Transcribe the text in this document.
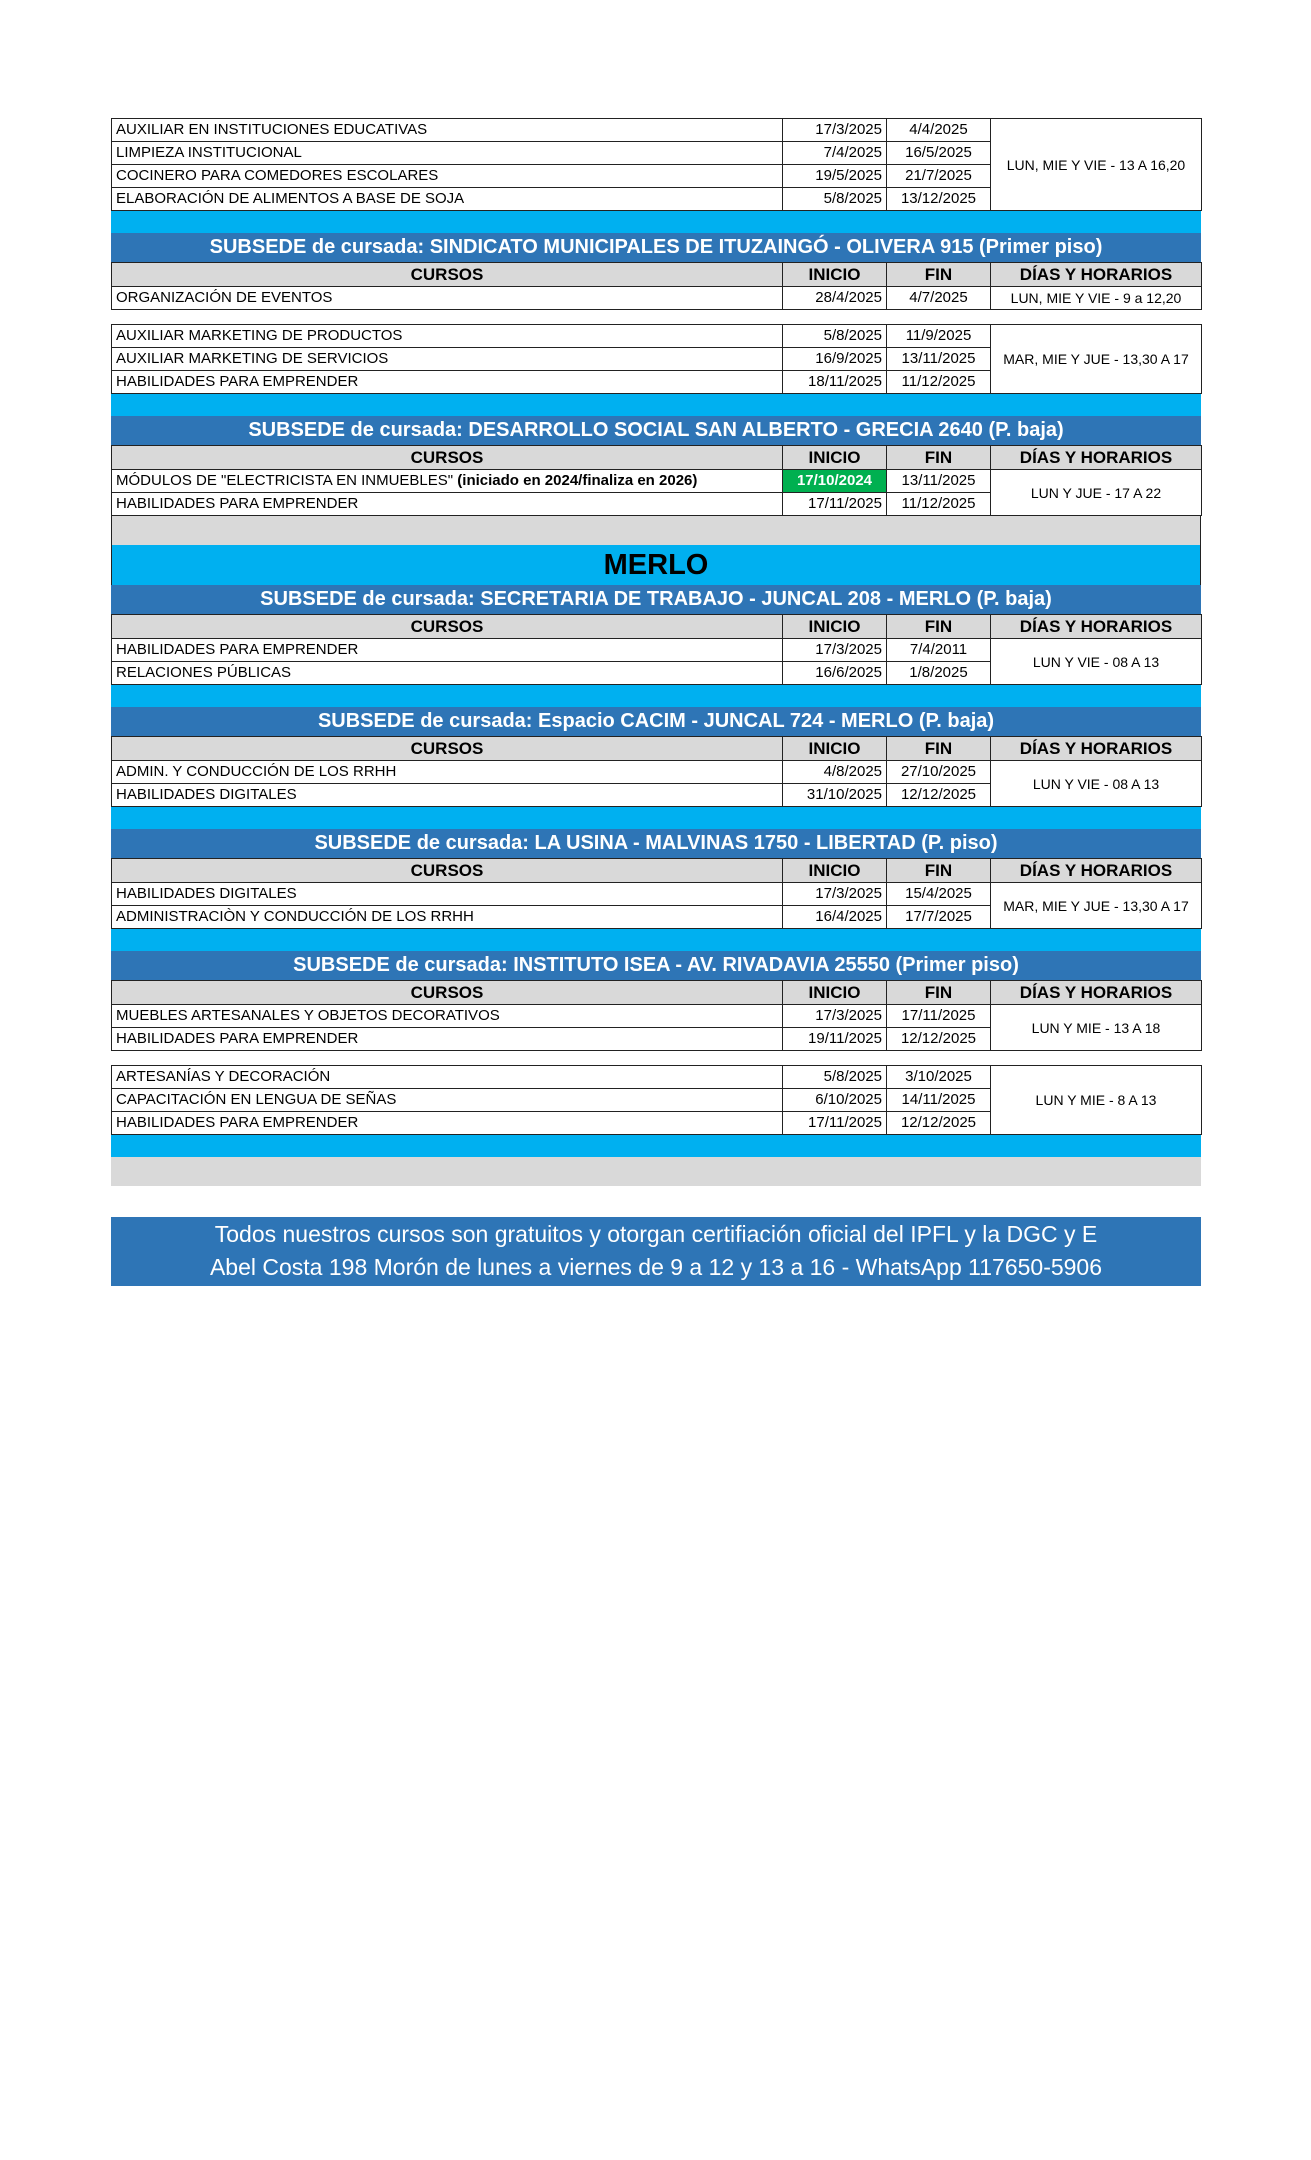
AUXILIAR EN INSTITUCIONES EDUCATIVAS	17/3/2025	4/4/2025	LUN, MIE Y VIE - 13 A 16,20
LIMPIEZA INSTITUCIONAL	7/4/2025	16/5/2025	
COCINERO PARA COMEDORES ESCOLARES	19/5/2025	21/7/2025	
ELABORACIÓN DE ALIMENTOS A BASE DE SOJA	5/8/2025	13/12/2025	
SUBSEDE de cursada: SINDICATO MUNICIPALES DE ITUZAINGÓ - OLIVERA 915 (Primer piso)
CURSOS	INICIO	FIN	DÍAS Y HORARIOS
ORGANIZACIÓN DE EVENTOS	28/4/2025	4/7/2025	LUN, MIE Y VIE - 9 a 12,20
AUXILIAR MARKETING DE PRODUCTOS	5/8/2025	11/9/2025	MAR, MIE Y JUE - 13,30 A 17
AUXILIAR MARKETING DE SERVICIOS	16/9/2025	13/11/2025	
HABILIDADES PARA EMPRENDER	18/11/2025	11/12/2025	
SUBSEDE de cursada: DESARROLLO SOCIAL SAN ALBERTO - GRECIA 2640 (P. baja)
CURSOS	INICIO	FIN	DÍAS Y HORARIOS
MÓDULOS DE "ELECTRICISTA EN INMUEBLES" (iniciado en 2024/finaliza en 2026)	17/10/2024	13/11/2025	LUN Y JUE - 17 A 22
HABILIDADES PARA EMPRENDER	17/11/2025	11/12/2025	
MERLO
SUBSEDE de cursada: SECRETARIA DE TRABAJO - JUNCAL 208 - MERLO (P. baja)
CURSOS	INICIO	FIN	DÍAS Y HORARIOS
HABILIDADES PARA EMPRENDER	17/3/2025	7/4/2011	LUN Y VIE - 08 A 13
RELACIONES PÚBLICAS	16/6/2025	1/8/2025	
SUBSEDE de cursada: Espacio CACIM - JUNCAL 724 - MERLO (P. baja)
CURSOS	INICIO	FIN	DÍAS Y HORARIOS
ADMIN. Y CONDUCCIÓN DE LOS RRHH	4/8/2025	27/10/2025	LUN Y VIE - 08 A 13
HABILIDADES DIGITALES	31/10/2025	12/12/2025	
SUBSEDE de cursada: LA USINA - MALVINAS 1750 - LIBERTAD (P. piso)
CURSOS	INICIO	FIN	DÍAS Y HORARIOS
HABILIDADES DIGITALES	17/3/2025	15/4/2025	MAR, MIE Y JUE - 13,30 A 17
ADMINISTRACIÒN Y CONDUCCIÓN DE LOS RRHH	16/4/2025	17/7/2025	
SUBSEDE de cursada: INSTITUTO ISEA - AV. RIVADAVIA 25550 (Primer piso)
CURSOS	INICIO	FIN	DÍAS Y HORARIOS
MUEBLES ARTESANALES Y OBJETOS DECORATIVOS	17/3/2025	17/11/2025	LUN Y MIE - 13 A 18
HABILIDADES PARA EMPRENDER	19/11/2025	12/12/2025	
ARTESANÍAS Y DECORACIÓN	5/8/2025	3/10/2025	LUN Y MIE - 8 A 13
CAPACITACIÓN EN LENGUA DE SEÑAS	6/10/2025	14/11/2025	
HABILIDADES PARA EMPRENDER	17/11/2025	12/12/2025	
Todos nuestros cursos son gratuitos y otorgan certifiación oficial del IPFL y la DGC y E
Abel Costa 198 Morón de lunes a viernes de 9 a 12 y 13 a 16 - WhatsApp 117650-5906
